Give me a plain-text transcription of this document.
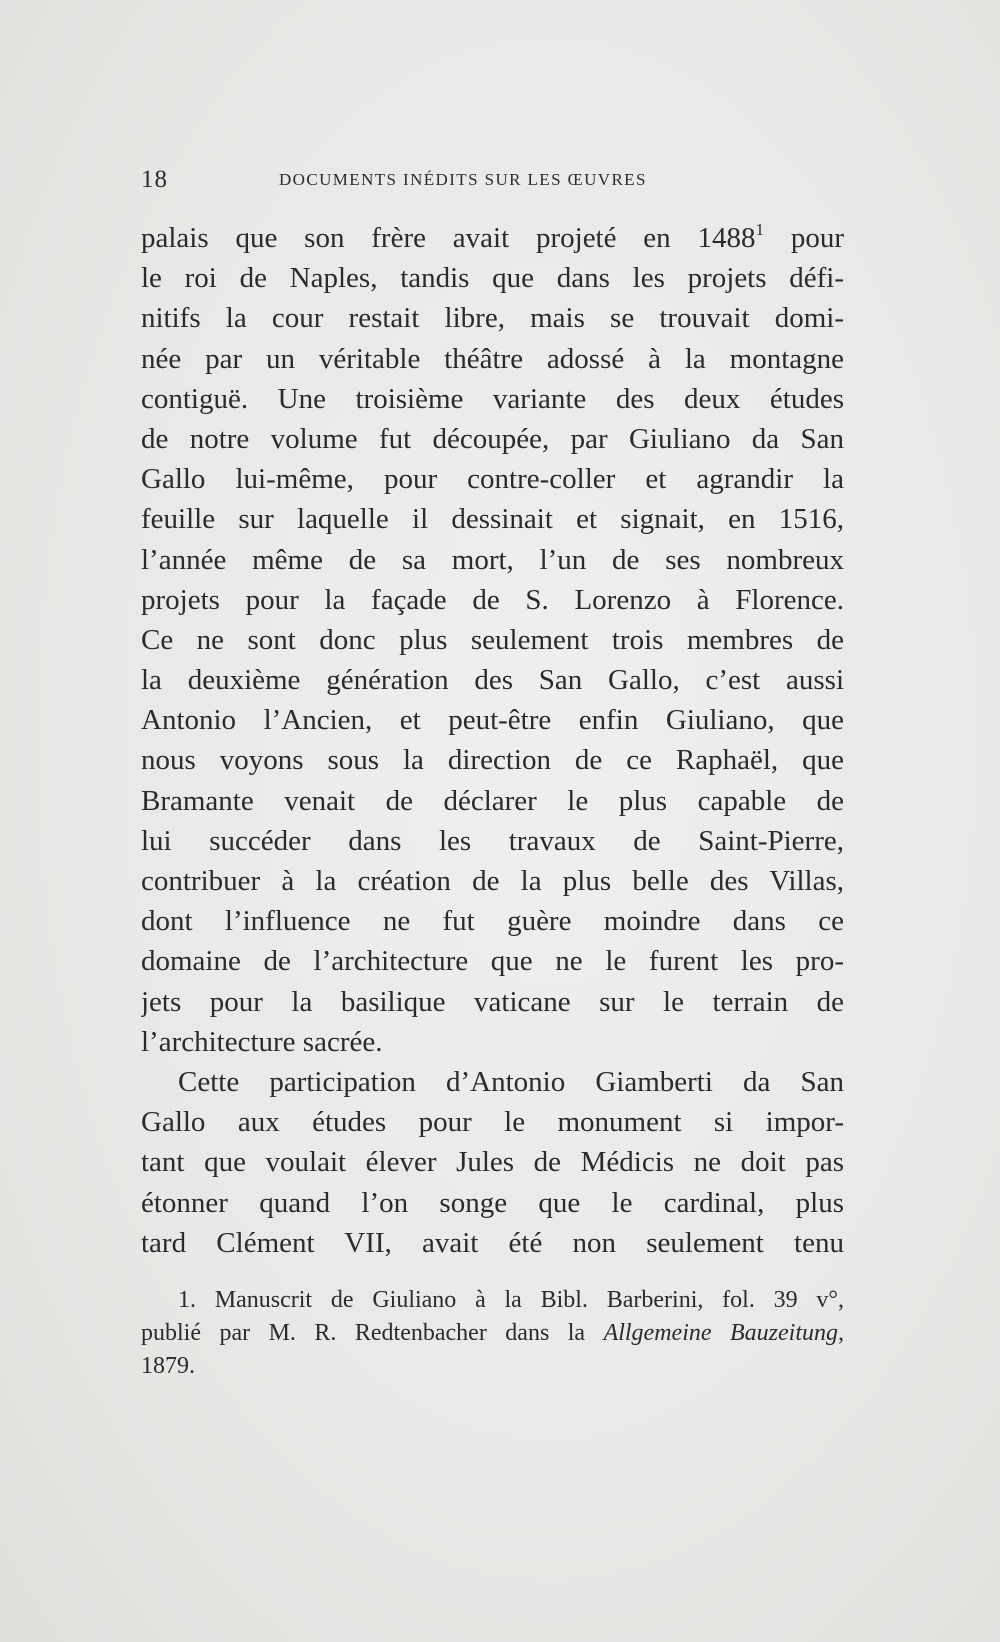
18	DOCUMENTS INÉDITS SUR LES ŒUVRES
palais que son frère avait projeté en 1488$^1$ pour
le roi de Naples, tandis que dans les projets défi-
nitifs la cour restait libre, mais se trouvait domi-
née par un véritable théâtre adossé à la montagne
contiguë. Une troisième variante des deux études
de notre volume fut découpée, par Giuliano da San
Gallo lui-même, pour contre-coller et agrandir la
feuille sur laquelle il dessinait et signait, en 1516,
l’année même de sa mort, l’un de ses nombreux
projets pour la façade de S. Lorenzo à Florence.
Ce ne sont donc plus seulement trois membres de
la deuxième génération des San Gallo, c’est aussi
Antonio l’Ancien, et peut-être enfin Giuliano, que
nous voyons sous la direction de ce Raphaël, que
Bramante venait de déclarer le plus capable de
lui succéder dans les travaux de Saint-Pierre,
contribuer à la création de la plus belle des Villas,
dont l’influence ne fut guère moindre dans ce
domaine de l’architecture que ne le furent les pro-
jets pour la basilique vaticane sur le terrain de
l’architecture sacrée.
Cette participation d’Antonio Giamberti da San
Gallo aux études pour le monument si impor-
tant que voulait élever Jules de Médicis ne doit pas
étonner quand l’on songe que le cardinal, plus
tard Clément VII, avait été non seulement tenu
1. Manuscrit de Giuliano à la Bibl. Barberini, fol. 39 v°,
publié par M. R. Redtenbacher dans la Allgemeine Bauzeitung,
1879.
